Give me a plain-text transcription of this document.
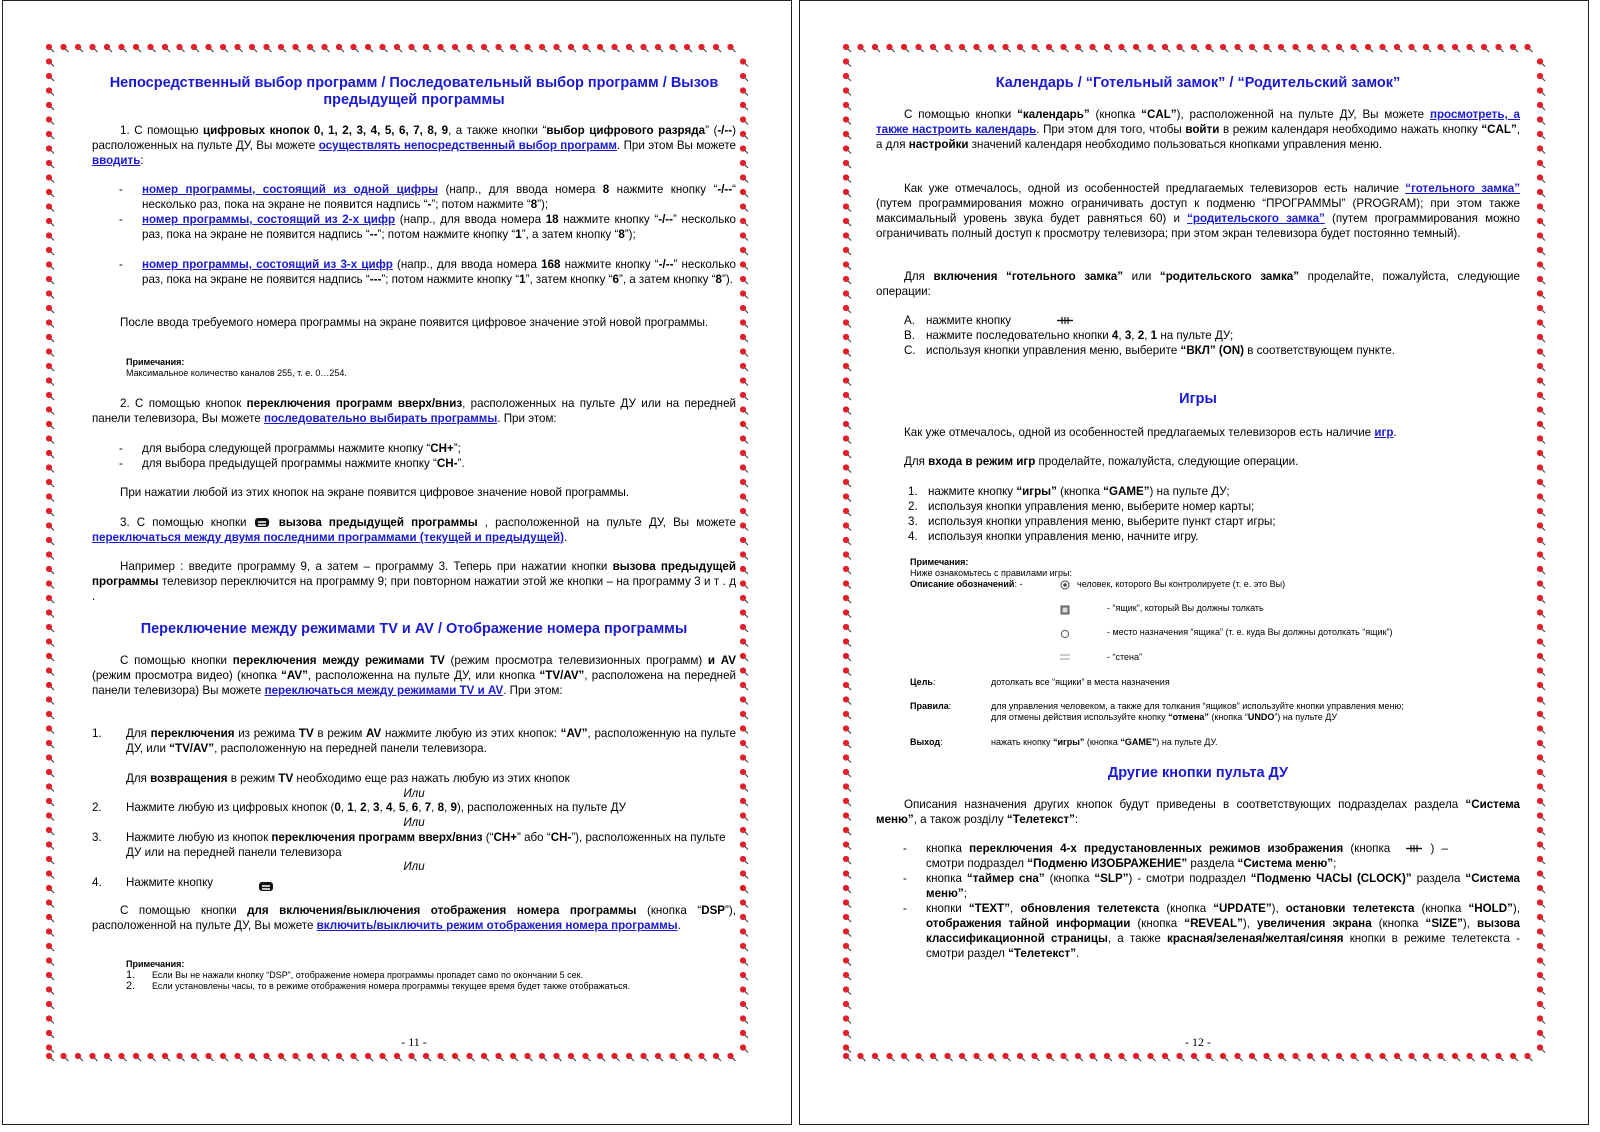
Непосредственный выбор программ / Последовательный выбор программ / Вызов предыдущей программы
1. С помощью цифровых кнопок 0, 1, 2, 3, 4, 5, 6, 7, 8, 9, а также кнопки “выбор цифрового разряда” (-/--) расположенных на пульте ДУ, Вы можете осуществлять непосредственный выбор программ. При этом Вы можете вводить:
- номер программы, состоящий из одной цифры (напр., для ввода номера 8 нажмите кнопку “-/--“ несколько раз, пока на экране не появится надпись “-”; потом нажмите “8”);
- номер программы, состоящий из 2-х цифр (напр., для ввода номера 18 нажмите кнопку “-/--” несколько раз, пока на экране не появится надпись “--”; потом нажмите кнопку “1”, а затем кнопку “8”);
- номер программы, состоящий из 3-х цифр (напр., для ввода номера 168 нажмите кнопку “-/--” несколько раз, пока на экране не появится надпись “---”; потом нажмите кнопку “1”, затем кнопку “6”, а затем кнопку “8”).
После ввода требуемого номера программы на экране появится цифровое значение этой новой программы.
Примечания:
Максимальное количество каналов 255, т. е. 0…254.
2. С помощью кнопок переключения программ вверх/вниз, расположенных на пульте ДУ или на передней панели телевизора, Вы можете последовательно выбирать программы. При этом:
- для выбора следующей программы нажмите кнопку “CH+”;
- для выбора предыдущей программы нажмите кнопку “CH-”.
При нажатии любой из этих кнопок на экране появится цифровое значение новой программы.
3. С помощью кнопки  вызова предыдущей программы , расположенной на пульте ДУ, Вы можете переключаться между двумя последними программами (текущей и предыдущей).
Например : введите программу 9, а затем – программу 3. Теперь при нажатии кнопки вызова предыдущей программы телевизор переключится на программу 9; при повторном нажатии этой же кнопки – на программу 3 и т . д .
Переключение между режимами TV и AV / Отображение номера программы
С помощью кнопки переключения между режимами TV (режим просмотра телевизионных программ) и AV (режим просмотра видео) (кнопка “AV”, расположенна на пульте ДУ, или кнопка “TV/AV”, расположена на передней панели телевизора) Вы можете переключаться между режимами TV и AV. При этом:
1. Для переключения из режима TV в режим AV нажмите любую из этих кнопок: “AV”, расположенную на пульте ДУ, или “TV/AV”, расположенную на передней панели телевизора.
Для возвращения в режим TV необходимо еще раз нажать любую из этих кнопок
Или
2. Нажмите любую из цифровых кнопок (0, 1, 2, 3, 4, 5, 6, 7, 8, 9), расположенных на пульте ДУ
Или
3. Нажмите любую из кнопок переключения программ вверх/вниз (“CH+” або “CH-”), расположенных на пульте ДУ или на передней панели телевизора
Или
4. Нажмите кнопку
С помощью кнопки для включения/выключения отображения номера программы (кнопка “DSP”), расположенной на пульте ДУ, Вы можете включить/выключить режим отображения номера программы.
Примечания:
1. Если Вы не нажали кнопку “DSP”, отображение номера программы пропадет само по окончании 5 сек.
2. Если установлены часы, то в режиме отображения номера программы текущее время будет также отображаться.
- 11 -
Календарь / “Готельный замок” / “Родительский замок”
С помощью кнопки “календарь” (кнопка “CAL”), расположенной на пульте ДУ, Вы можете просмотреть, а также настроить календарь. При этом для того, чтобы войти в режим календаря необходимо нажать кнопку “CAL”, а для настройки значений календаря необходимо пользоваться кнопками управления меню.
Как уже отмечалось, одной из особенностей предлагаемых телевизоров есть наличие “готельного замка” (путем программирования можно ограничивать доступ к подменю “ПРОГРАММЫ” (PROGRAM); при этом также максимальный уровень звука будет равняться 60) и “родительского замка” (путем программирования можно ограничивать полный доступ к просмотру телевизора; при этом экран телевизора будет постоянно темный).
Для включения “готельного замка” или “родительского замка” проделайте, пожалуйста, следующие операции:
A. нажмите кнопку
B. нажмите последовательно кнопки 4, 3, 2, 1 на пульте ДУ;
C. используя кнопки управления меню, выберите “ВКЛ” (ON) в соответствующем пункте.
Игры
Как уже отмечалось, одной из особенностей предлагаемых телевизоров есть наличие игр.
Для входа в режим игр проделайте, пожалуйста, следующие операции.
1. нажмите кнопку “игры” (кнопка “GAME”) на пульте ДУ;
2. используя кнопки управления меню, выберите номер карты;
3. используя кнопки управления меню, выберите пункт старт игры;
4. используя кнопки управления меню, начните игру.
Примечания:
Ниже ознакомьтесь с правилами игры:
Описание обозначений: -	человек, которого Вы контролируете (т. е. это Вы)
- “ящик”, который Вы должны толкать
- место назначения “ящика” (т. е. куда Вы должны дотолкать “ящик”)
- “стена”
Цель:	дотолкать все “ящики” в места назначения
Правила:	для управления человеком, а также для толкания “ящиков” используйте кнопки управления меню;
для отмены действия используйте кнопку “отмена” (кнопка “UNDO”) на пульте ДУ
Выход:	нажать кнопку “игры” (кнопка “GAME”) на пульте ДУ.
Другие кнопки пульта ДУ
Описания назначения других кнопок будут приведены в соответствующих подразделах раздела “Система меню”, а також розділу “Телетекст”:
- кнопка переключения 4-х предустановленных режимов изображения (кнопка	) – смотри подраздел “Подменю ИЗОБРАЖЕНИЕ” раздела “Система меню”;
- кнопка “таймер сна” (кнопка “SLP”) - смотри подраздел “Подменю ЧАСЫ (CLOCK)” раздела “Система меню”;
- кнопки “TEXT”, обновления телетекста (кнопка “UPDATE”), остановки телетекста (кнопка “HOLD”), отображения тайной информации (кнопка “REVEAL”), увеличения экрана (кнопка “SIZE”), вызова классификационной страницы, а также красная/зеленая/желтая/синяя кнопки в режиме телетекста - смотри раздел “Телетекст”.
- 12 -
